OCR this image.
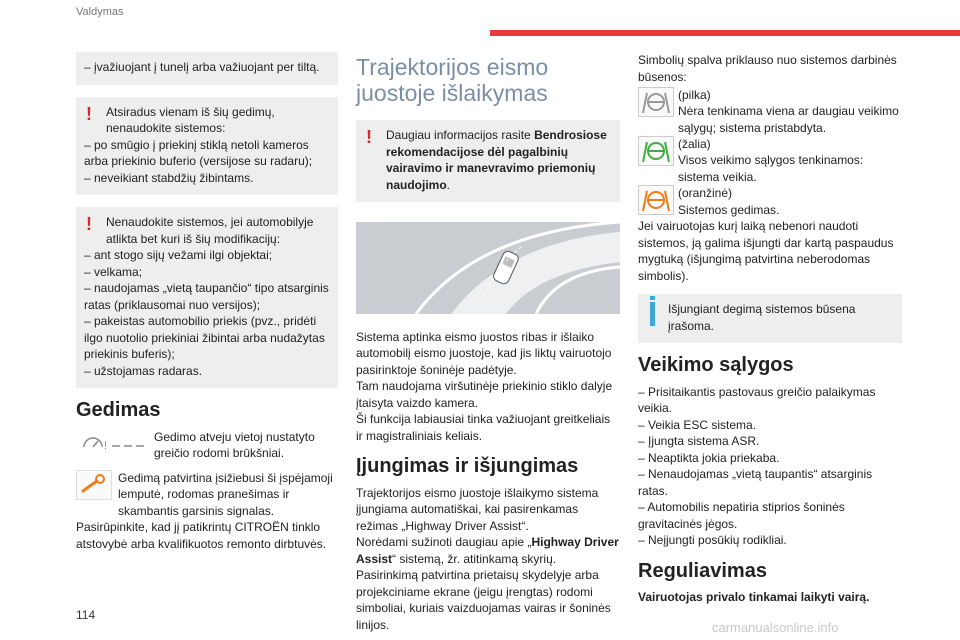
Valdymas

– įvažiuojant į tunelį arba važiuojant per tiltą.

!	Atsiradus vienam iš šių gedimų, nenaudokite sistemos:

– po smūgio į priekinį stiklą netoli kameros arba priekinio buferio (versijose su radaru);

– neveikiant stabdžių žibintams.

!	Nenaudokite sistemos, jei automobilyje atlikta bet kuri iš šių modifikacijų:

– ant stogo sijų vežami ilgi objektai;

– velkama;

– naudojamas „vietą taupančio“ tipo atsarginis ratas (priklausomai nuo versijos);

– pakeistas automobilio priekis (pvz., pridėti ilgo nuotolio priekiniai žibintai arba nudažytas priekinis buferis);

– užstojamas radaras.

Gedimas
!

Gedimo atveju vietoj nustatyto greičio rodomi brūkšniai.

Gedimą patvirtina įsižiebusi ši įspėjamoji lemputė, rodomas pranešimas ir skambantis garsinis signalas.

Pasirūpinkite, kad jį patikrintų CITROËN tinklo atstovybė arba kvalifikuotos remonto dirbtuvės.

Trajektorijos eismo juostoje išlaikymas
!	Daugiau informacijos rasite Bendrosiose rekomendacijose dėl pagalbinių vairavimo ir manevravimo priemonių naudojimo.

Sistema aptinka eismo juostos ribas ir išlaiko automobilį eismo juostoje, kad jis liktų vairuotojo pasirinktoje šoninėje padėtyje.

Tam naudojama viršutinėje priekinio stiklo dalyje įtaisyta vaizdo kamera.

Ši funkcija labiausiai tinka važiuojant greitkeliais ir magistraliniais keliais.

Įjungimas ir išjungimas

Trajektorijos eismo juostoje išlaikymo sistema įjungiama automatiškai, kai pasirenkamas režimas „Highway Driver Assist“.

Norėdami sužinoti daugiau apie „Highway Driver Assist“ sistemą, žr. atitinkamą skyrių.

Pasirinkimą patvirtina prietaisų skydelyje arba projekciniame ekrane (jeigu įrengtas) rodomi simboliai, kuriais vaizduojamas vairas ir šoninės linijos.

Simbolių spalva priklauso nuo sistemos darbinės būsenos:

(pilka)

Nėra tenkinama viena ar daugiau veikimo sąlygų; sistema pristabdyta.

(žalia)

Visos veikimo sąlygos tenkinamos: sistema veikia.

(oranžinė)

Sistemos gedimas.

Jei vairuotojas kurį laiką nebenori naudoti sistemos, ją galima išjungti dar kartą paspaudus mygtuką (išjungimą patvirtina neberodomas simbolis).

Išjungiant degimą sistemos būsena įrašoma.

Veikimo sąlygos

– Prisitaikantis pastovaus greičio palaikymas veikia.

– Veikia ESC sistema.

– Įjungta sistema ASR.

– Neaptikta jokia priekaba.

– Nenaudojamas „vietą taupantis“ atsarginis ratas.

– Automobilis nepatiria stiprios šoninės gravitacinės jėgos.

– Neįjungti posūkių rodikliai.

Reguliavimas

Vairuotojas privalo tinkamai laikyti vairą.

114
carmanualsonline.info
